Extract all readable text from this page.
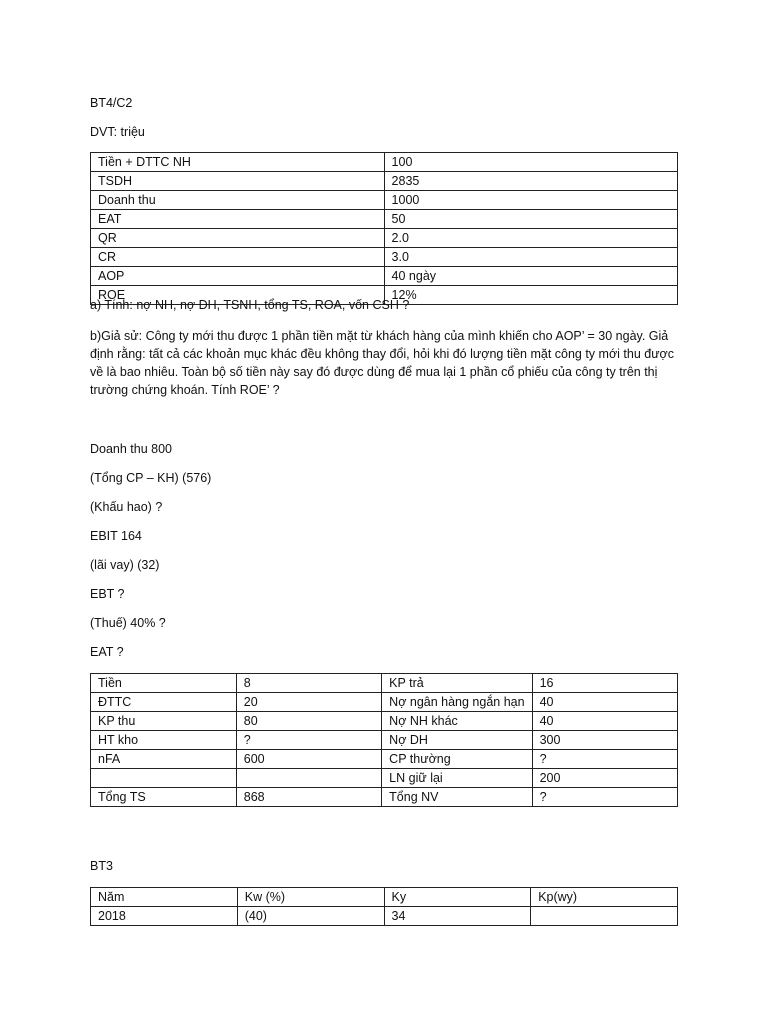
BT4/C2
DVT: triệu
Tiền + DTTC NH	100
TSDH	2835
Doanh thu	1000
EAT	50
QR	2.0
CR	3.0
AOP	40 ngày
ROE	12%
a) Tính: nợ NH, nợ DH, TSNH, tổng TS, ROA, vốn CSH ?
b)Giả sử: Công ty mới thu được 1 phần tiền mặt từ khách hàng của mình khiến cho AOP’ = 30 ngày. Giả định rằng: tất cả các khoản mục khác đều không thay đổi, hỏi khi đó lượng tiền mặt công ty mới thu được về là bao nhiêu. Toàn bộ số tiền này say đó được dùng để mua lại 1 phần cổ phiếu của công ty trên thị trường chứng khoán. Tính ROE’ ?
Doanh thu 800
(Tổng CP – KH) (576)
(Khấu hao) ?
EBIT 164
(lãi vay) (32)
EBT ?
(Thuế) 40% ?
EAT ?
Tiền	8	KP trả	16
ĐTTC	20	Nợ ngân hàng ngắn hạn	40
KP thu	80	Nợ NH khác	40
HT kho	?	Nợ DH	300
nFA	600	CP thường	?
		LN giữ lại	200
Tổng TS	868	Tổng NV	?
BT3
Năm	Kw (%)	Ky	Kp(wy)
2018	(40)	34	
